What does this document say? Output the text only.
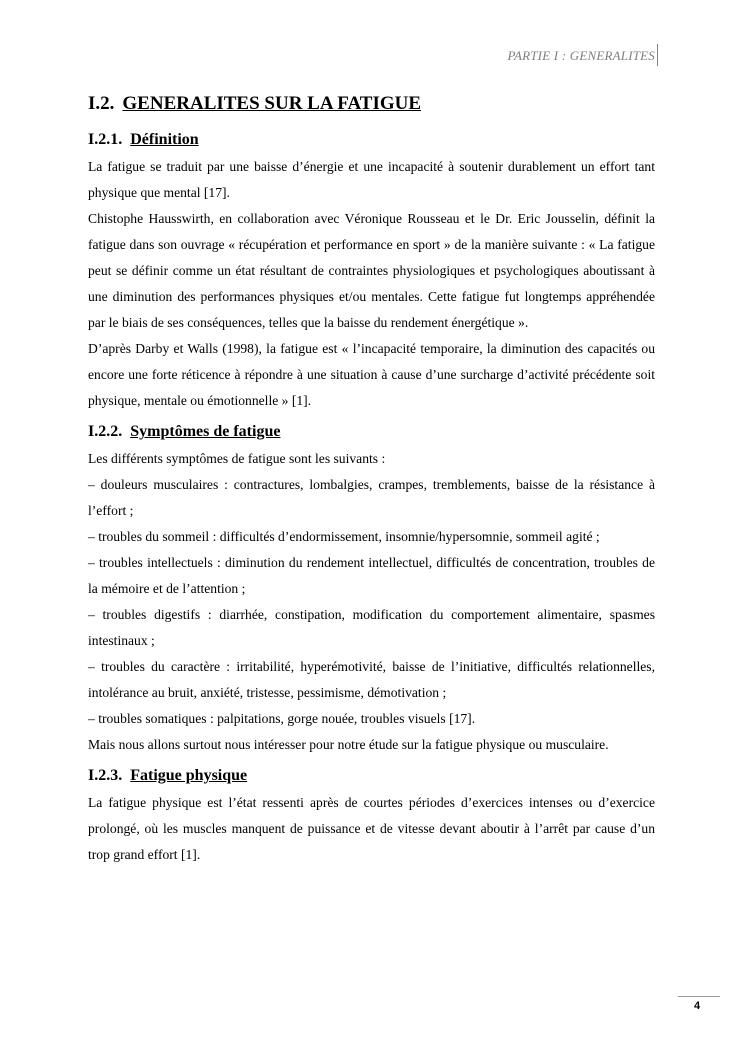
PARTIE I : GENERALITES
I.2. GENERALITES SUR LA FATIGUE
I.2.1. Définition

La fatigue se traduit par une baisse d’énergie et une incapacité à soutenir durablement un effort tant physique que mental [17].

Chistophe Hausswirth, en collaboration avec Véronique Rousseau et le Dr. Eric Jousselin, définit la fatigue dans son ouvrage « récupération et performance en sport » de la manière suivante : « La fatigue peut se définir comme un état résultant de contraintes physiologiques et psychologiques aboutissant à une diminution des performances physiques et/ou mentales. Cette fatigue fut longtemps appréhendée par le biais de ses conséquences, telles que la baisse du rendement énergétique ».

D’après Darby et Walls (1998), la fatigue est « l’incapacité temporaire, la diminution des capacités ou encore une forte réticence à répondre à une situation à cause d’une surcharge d’activité précédente soit physique, mentale ou émotionnelle » [1].

I.2.2. Symptômes de fatigue

Les différents symptômes de fatigue sont les suivants :

– douleurs musculaires : contractures, lombalgies, crampes, tremblements, baisse de la résistance à l’effort ;

– troubles du sommeil : difficultés d’endormissement, insomnie/hypersomnie, sommeil agité ;

– troubles intellectuels : diminution du rendement intellectuel, difficultés de concentration, troubles de la mémoire et de l’attention ;

– troubles digestifs : diarrhée, constipation, modification du comportement alimentaire, spasmes intestinaux ;

– troubles du caractère : irritabilité, hyperémotivité, baisse de l’initiative, difficultés relationnelles, intolérance au bruit, anxiété, tristesse, pessimisme, démotivation ;

– troubles somatiques : palpitations, gorge nouée, troubles visuels [17].

Mais nous allons surtout nous intéresser pour notre étude sur la fatigue physique ou musculaire.

I.2.3. Fatigue physique

La fatigue physique est l’état ressenti après de courtes périodes d’exercices intenses ou d’exercice prolongé, où les muscles manquent de puissance et de vitesse devant aboutir à l’arrêt par cause d’un trop grand effort [1].

4
